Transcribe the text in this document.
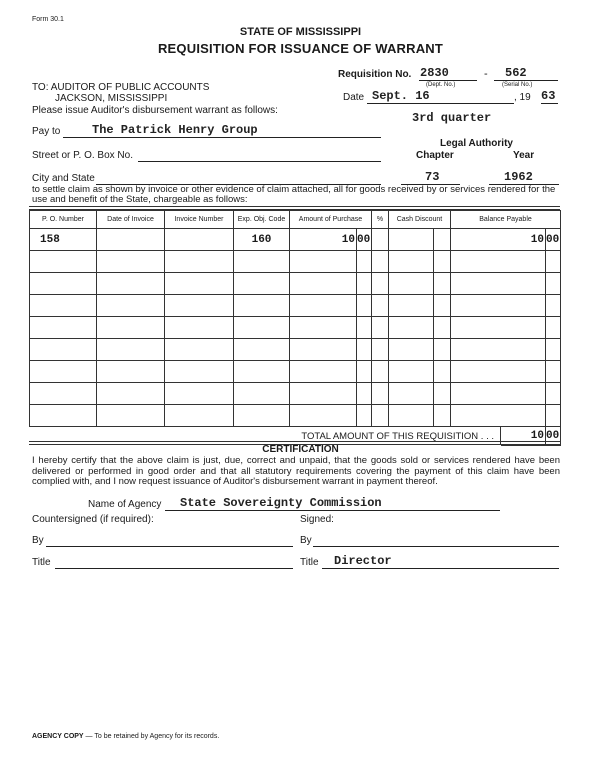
Form 30.1
STATE OF MISSISSIPPI
REQUISITION FOR ISSUANCE OF WARRANT
Requisition No. 2830
(Dept. No.)
- 562
(Serial No.)
TO: AUDITOR OF PUBLIC ACCOUNTS
JACKSON, MISSISSIPPI
Please issue Auditor's disbursement warrant as follows:
Date Sept. 16	, 19 63
3rd quarter
Pay to	The Patrick Henry Group
Legal Authority
Chapter	Year
Street or P. O. Box No.
City and State	73	1962
to settle claim as shown by invoice or other evidence of claim attached, all for goods received by or services rendered for the use and benefit of the State, chargeable as follows:
P. O. Number	Date of Invoice	Invoice Number	Exp. Obj. Code	Amount of Purchase		%	Cash Discount		Balance Payable		
158			160	10	00				10		00

TOTAL AMOUNT OF THIS REQUISITION . . .										10	00
CERTIFICATION
I hereby certify that the above claim is just, due, correct and unpaid, that the goods sold or services rendered have been delivered or performed in good order and that all statutory requirements covering the payment of this claim have been complied with, and I now request issuance of Auditor's disbursement warrant in payment thereof.
Name of Agency State Sovereignty Commission
Countersigned (if required):	Signed:
By	By
Title	Title Director
AGENCY COPY — To be retained by Agency for its records.
